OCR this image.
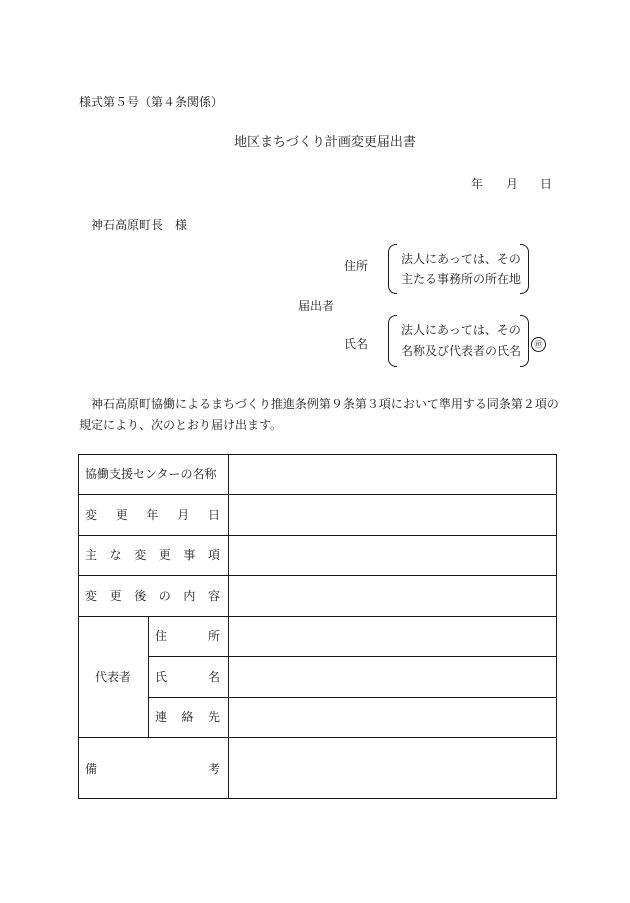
様式第５号（第４条関係）
地区まちづくり計画変更届出書
年 月 日
神石高原町長　様
住所	法人にあっては、その
主たる事務所の所在地
届出者
氏名
法人にあっては、その
名称及び代表者の氏名	㊞
神石高原町協働によるまちづくり推進条例第９条第３項において準用する同条第２項の
規定により、次のとおり届け出ます。
協働支援センターの名称
変 更 年 月 日
主 な 変 更 事 項
変 更 後 の 内 容
代表者
住	所
氏	名
連 絡 先
備	考
